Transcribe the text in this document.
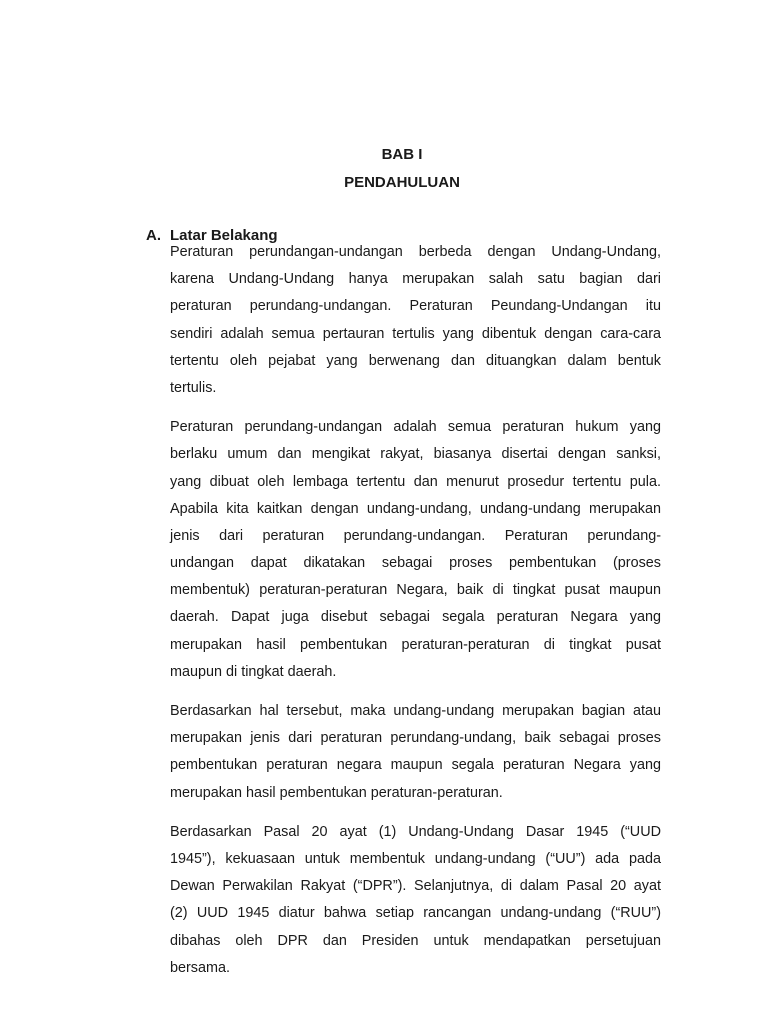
BAB I
PENDAHULUAN
A. Latar Belakang

Peraturan perundangan-undangan berbeda dengan Undang-Undang,
karena Undang-Undang hanya merupakan salah satu bagian dari
peraturan perundang-undangan. Peraturan Peundang-Undangan itu
sendiri adalah semua pertauran tertulis yang dibentuk dengan cara-cara
tertentu oleh pejabat yang berwenang dan dituangkan dalam bentuk
tertulis.

Peraturan perundang-undangan adalah semua peraturan hukum yang
berlaku umum dan mengikat rakyat, biasanya disertai dengan sanksi,
yang dibuat oleh lembaga tertentu dan menurut prosedur tertentu pula.
Apabila kita kaitkan dengan undang-undang, undang-undang merupakan
jenis dari peraturan perundang-undangan. Peraturan perundang-
undangan dapat dikatakan sebagai proses pembentukan (proses
membentuk) peraturan-peraturan Negara, baik di tingkat pusat maupun
daerah. Dapat juga disebut sebagai segala peraturan Negara yang
merupakan hasil pembentukan peraturan-peraturan di tingkat pusat
maupun di tingkat daerah.

Berdasarkan hal tersebut, maka undang-undang merupakan bagian atau
merupakan jenis dari peraturan perundang-undang, baik sebagai proses
pembentukan peraturan negara maupun segala peraturan Negara yang
merupakan hasil pembentukan peraturan-peraturan.

Berdasarkan Pasal 20 ayat (1) Undang-Undang Dasar 1945 (“UUD
1945”), kekuasaan untuk membentuk undang-undang (“UU”) ada pada
Dewan Perwakilan Rakyat (“DPR”). Selanjutnya, di dalam Pasal 20 ayat
(2) UUD 1945 diatur bahwa setiap rancangan undang-undang (“RUU”)
dibahas oleh DPR dan Presiden untuk mendapatkan persetujuan
bersama.
